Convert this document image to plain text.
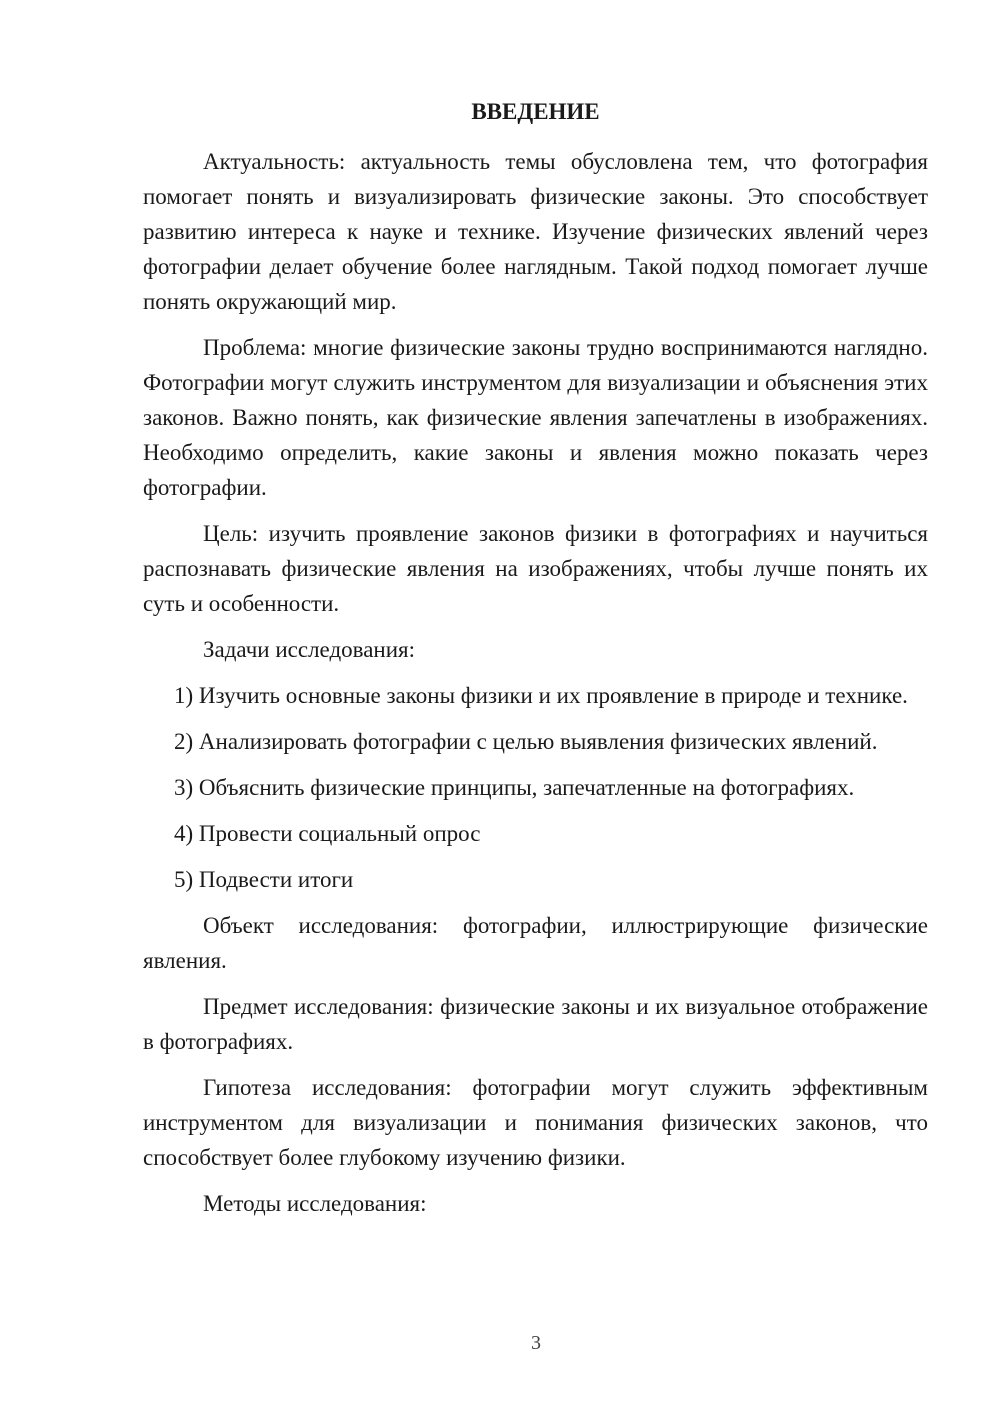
ВВЕДЕНИЕ

Актуальность: актуальность темы обусловлена тем, что фотография помогает понять и визуализировать физические законы. Это способствует развитию интереса к науке и технике. Изучение физических явлений через фотографии делает обучение более наглядным. Такой подход помогает лучше понять окружающий мир.

Проблема: многие физические законы трудно воспринимаются наглядно. Фотографии могут служить инструментом для визуализации и объяснения этих законов. Важно понять, как физические явления запечатлены в изображениях. Необходимо определить, какие законы и явления можно показать через фотографии.

Цель: изучить проявление законов физики в фотографиях и научиться распознавать физические явления на изображениях, чтобы лучше понять их суть и особенности.

Задачи исследования:

1) Изучить основные законы физики и их проявление в природе и технике.

2) Анализировать фотографии с целью выявления физических явлений.

3) Объяснить физические принципы, запечатленные на фотографиях.

4) Провести социальный опрос

5) Подвести итоги

Объект исследования: фотографии, иллюстрирующие физические явления.

Предмет исследования: физические законы и их визуальное отображение в фотографиях.

Гипотеза исследования: фотографии могут служить эффективным инструментом для визуализации и понимания физических законов, что способствует более глубокому изучению физики.

Методы исследования:

3
